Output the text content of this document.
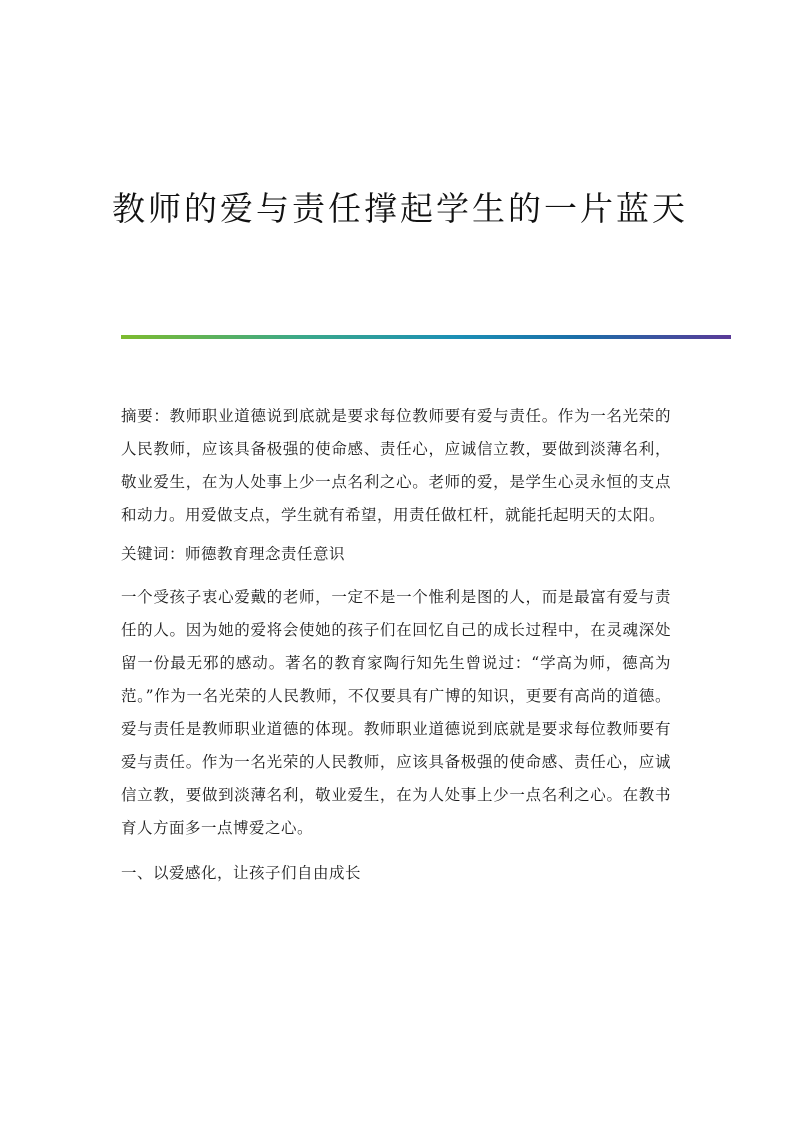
教师的爱与责任撑起学生的一片蓝天

摘要：教师职业道德说到底就是要求每位教师要有爱与责任。作为一名光荣的人民教师，应该具备极强的使命感、责任心，应诚信立教，要做到淡薄名利，敬业爱生，在为人处事上少一点名利之心。老师的爱，是学生心灵永恒的支点和动力。用爱做支点，学生就有希望，用责任做杠杆，就能托起明天的太阳。

关键词：师德教育理念责任意识

一个受孩子衷心爱戴的老师，一定不是一个惟利是图的人，而是最富有爱与责任的人。因为她的爱将会使她的孩子们在回忆自己的成长过程中，在灵魂深处留一份最无邪的感动。著名的教育家陶行知先生曾说过：“学高为师，德高为范。”作为一名光荣的人民教师，不仅要具有广博的知识，更要有高尚的道德。爱与责任是教师职业道德的体现。教师职业道德说到底就是要求每位教师要有爱与责任。作为一名光荣的人民教师，应该具备极强的使命感、责任心，应诚信立教，要做到淡薄名利，敬业爱生，在为人处事上少一点名利之心。在教书育人方面多一点博爱之心。

一、以爱感化，让孩子们自由成长
